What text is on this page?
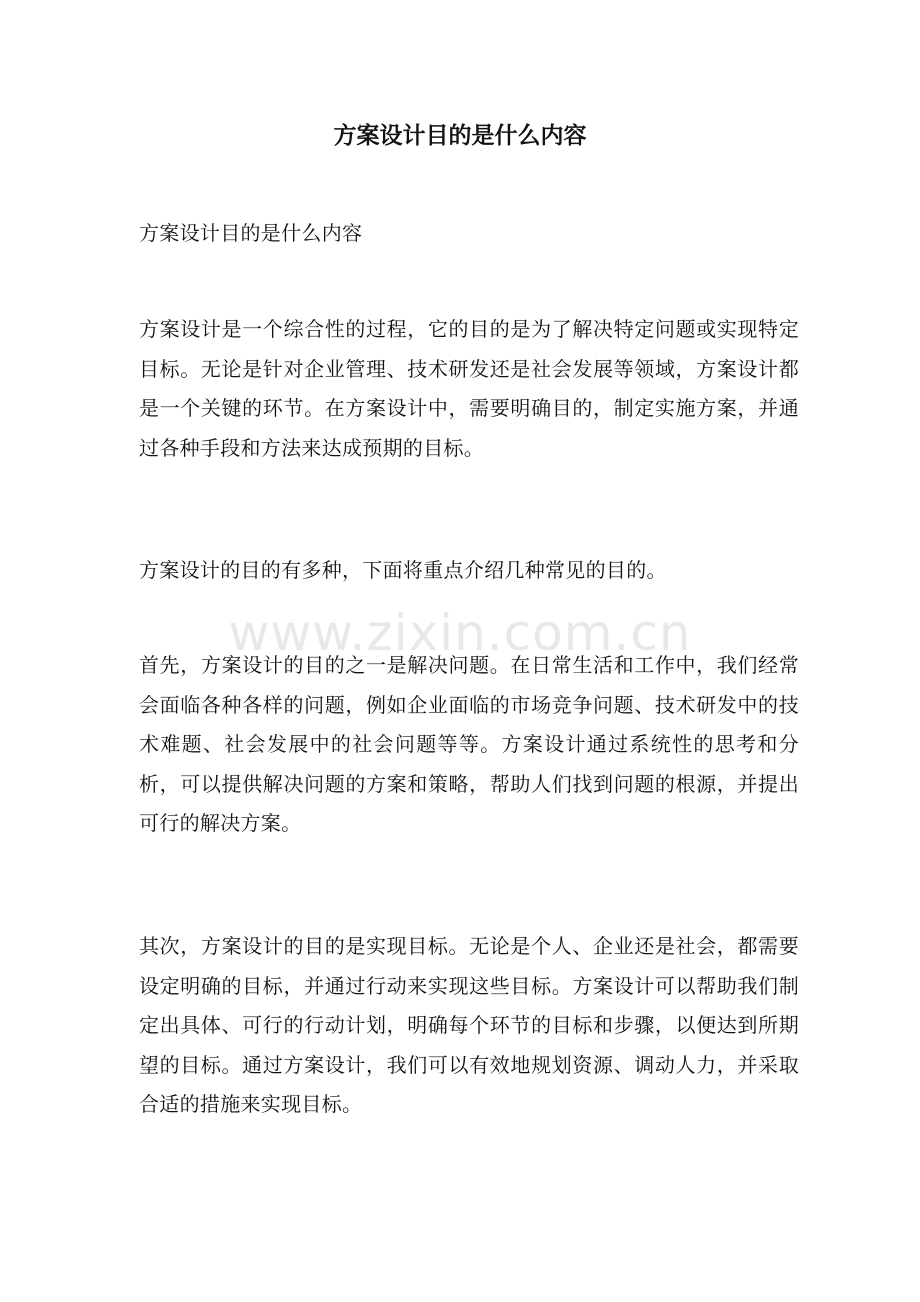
方案设计目的是什么内容

方案设计目的是什么内容

方案设计是一个综合性的过程，它的目的是为了解决特定问题或实现特定目标。无论是针对企业管理、技术研发还是社会发展等领域，方案设计都是一个关键的环节。在方案设计中，需要明确目的，制定实施方案，并通过各种手段和方法来达成预期的目标。

方案设计的目的有多种，下面将重点介绍几种常见的目的。

首先，方案设计的目的之一是解决问题。在日常生活和工作中，我们经常会面临各种各样的问题，例如企业面临的市场竞争问题、技术研发中的技术难题、社会发展中的社会问题等等。方案设计通过系统性的思考和分析，可以提供解决问题的方案和策略，帮助人们找到问题的根源，并提出可行的解决方案。

其次，方案设计的目的是实现目标。无论是个人、企业还是社会，都需要设定明确的目标，并通过行动来实现这些目标。方案设计可以帮助我们制定出具体、可行的行动计划，明确每个环节的目标和步骤，以便达到所期望的目标。通过方案设计，我们可以有效地规划资源、调动人力，并采取合适的措施来实现目标。

www.zixin.com.cn
